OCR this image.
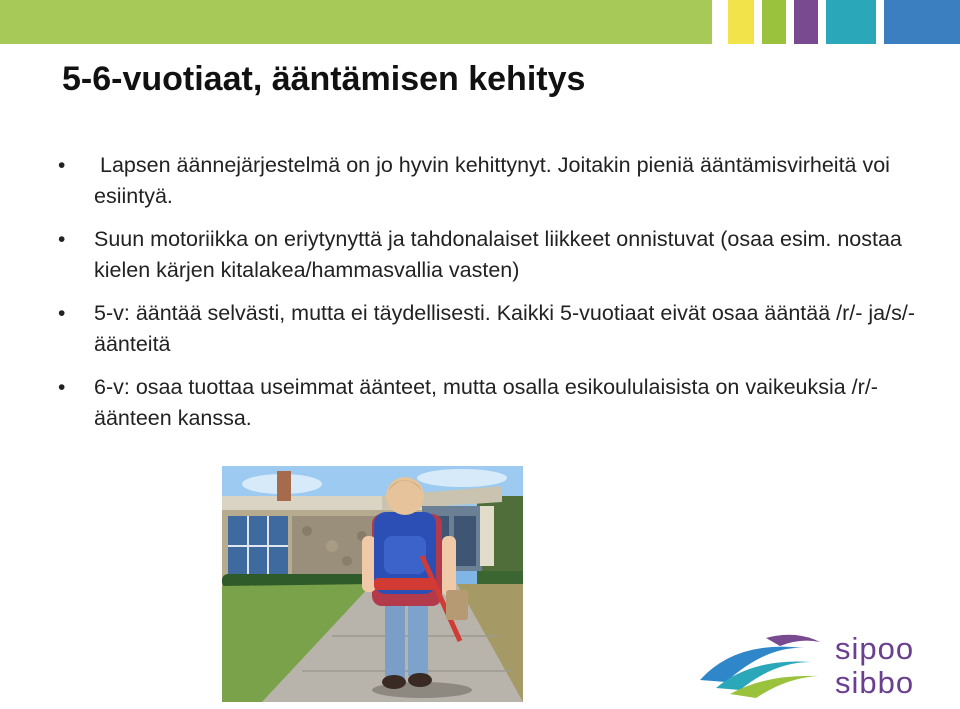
5-6-vuotiaat, ääntämisen kehitys
• Lapsen äännejärjestelmä on jo hyvin kehittynyt. Joitakin pieniä ääntämisvirheitä voi esiintyä.
• Suun motoriikka on eriytynyttä ja tahdonalaiset liikkeet onnistuvat (osaa esim. nostaa kielen kärjen kitalakea/hammasvallia vasten)
• 5-v: ääntää selvästi, mutta ei täydellisesti. Kaikki 5-vuotiaat eivät osaa ääntää /r/- ja/s/-äänteitä
• 6-v: osaa tuottaa useimmat äänteet, mutta osalla esikoululaisista on vaikeuksia /r/-äänteen kanssa.
sipoo
sibbo
